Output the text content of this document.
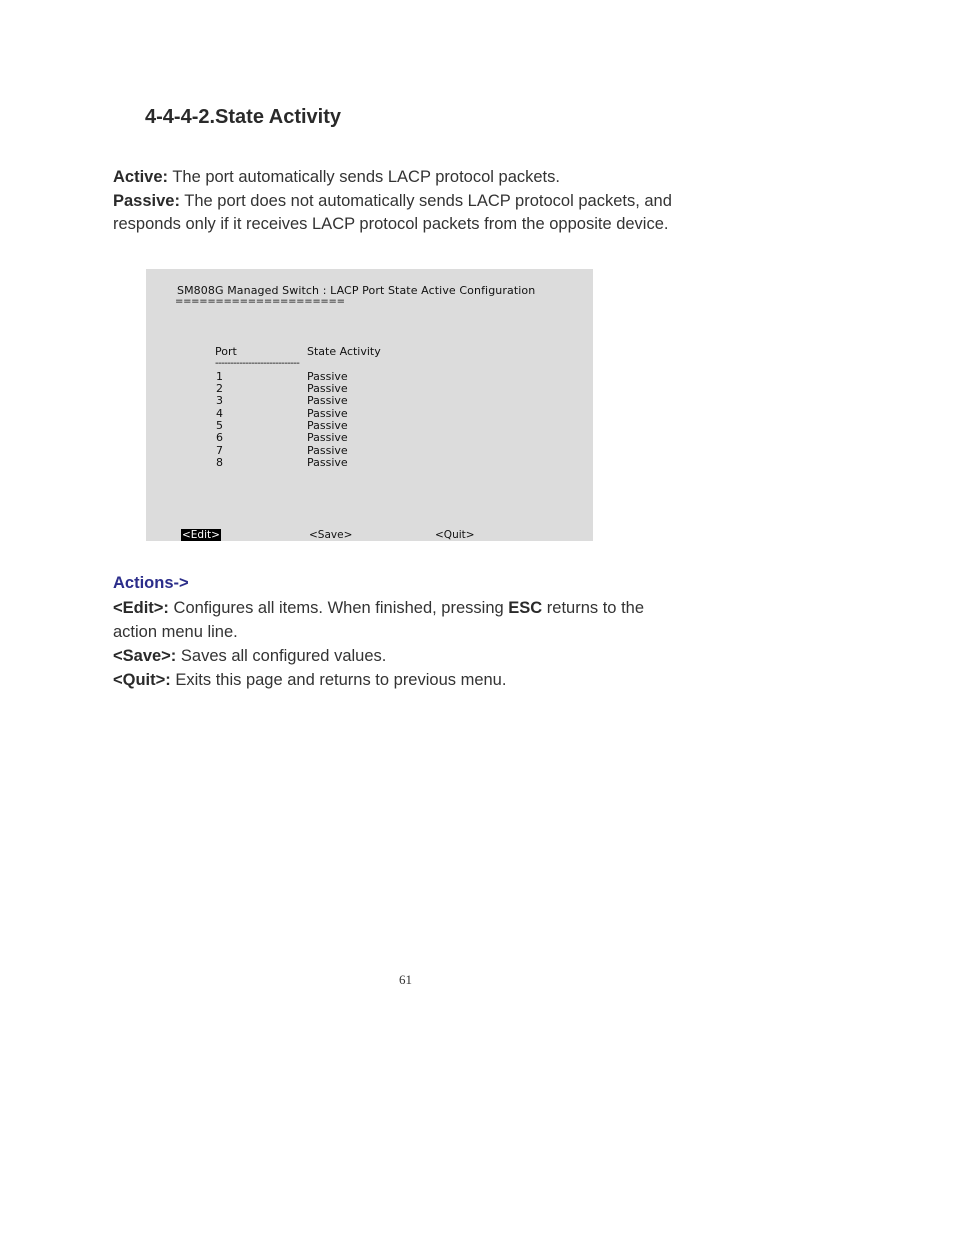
4-4-4-2.State Activity
Active: The port automatically sends LACP protocol packets.
Passive: The port does not automatically sends LACP protocol packets, and
responds only if it receives LACP protocol packets from the opposite device.
SM808G Managed Switch : LACP Port State Active Configuration
=====================
Port	State Activity
----------------------------
1	Passive
2	Passive
3	Passive
4	Passive
5	Passive
6	Passive
7	Passive
8	Passive
<Edit>	<Save>	<Quit>
Actions->
<Edit>: Configures all items. When finished, pressing ESC returns to the
action menu line.
<Save>: Saves all configured values.
<Quit>: Exits this page and returns to previous menu.
61
